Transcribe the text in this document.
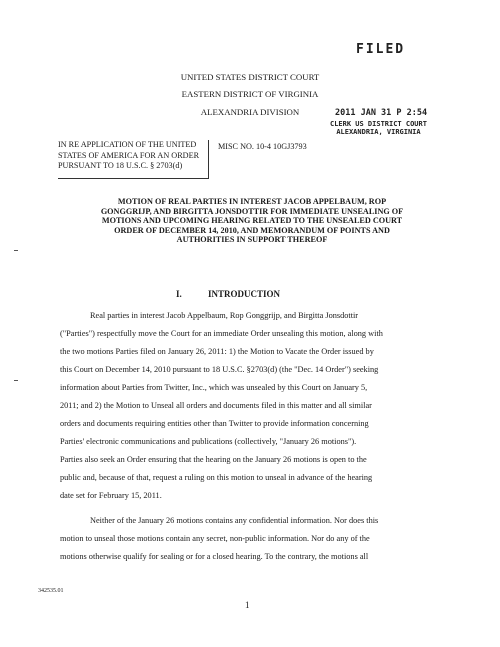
FILED
2011 JAN 31 P 2:54
CLERK US DISTRICT COURT
ALEXANDRIA, VIRGINIA
UNITED STATES DISTRICT COURT
EASTERN DISTRICT OF VIRGINIA
ALEXANDRIA DIVISION
IN RE APPLICATION OF THE UNITED
STATES OF AMERICA FOR AN ORDER
PURSUANT TO 18 U.S.C. § 2703(d)
MISC NO. 10-4 10GJ3793
MOTION OF REAL PARTIES IN INTEREST JACOB APPELBAUM, ROP
GONGGRIJP, AND BIRGITTA JONSDOTTIR FOR IMMEDIATE UNSEALING OF
MOTIONS AND UPCOMING HEARING RELATED TO THE UNSEALED COURT
ORDER OF DECEMBER 14, 2010, AND MEMORANDUM OF POINTS AND
AUTHORITIES IN SUPPORT THEREOF
I.	INTRODUCTION
Real parties in interest Jacob Appelbaum, Rop Gonggrijp, and Birgitta Jonsdottir
("Parties") respectfully move the Court for an immediate Order unsealing this motion, along with
the two motions Parties filed on January 26, 2011: 1) the Motion to Vacate the Order issued by
this Court on December 14, 2010 pursuant to 18 U.S.C. §2703(d) (the "Dec. 14 Order") seeking
information about Parties from Twitter, Inc., which was unsealed by this Court on January 5,
2011; and 2) the Motion to Unseal all orders and documents filed in this matter and all similar
orders and documents requiring entities other than Twitter to provide information concerning
Parties' electronic communications and publications (collectively, "January 26 motions").
Parties also seek an Order ensuring that the hearing on the January 26 motions is open to the
public and, because of that, request a ruling on this motion to unseal in advance of the hearing
date set for February 15, 2011.
Neither of the January 26 motions contains any confidential information. Nor does this
motion to unseal those motions contain any secret, non-public information. Nor do any of the
motions otherwise qualify for sealing or for a closed hearing. To the contrary, the motions all
342535.01
1
